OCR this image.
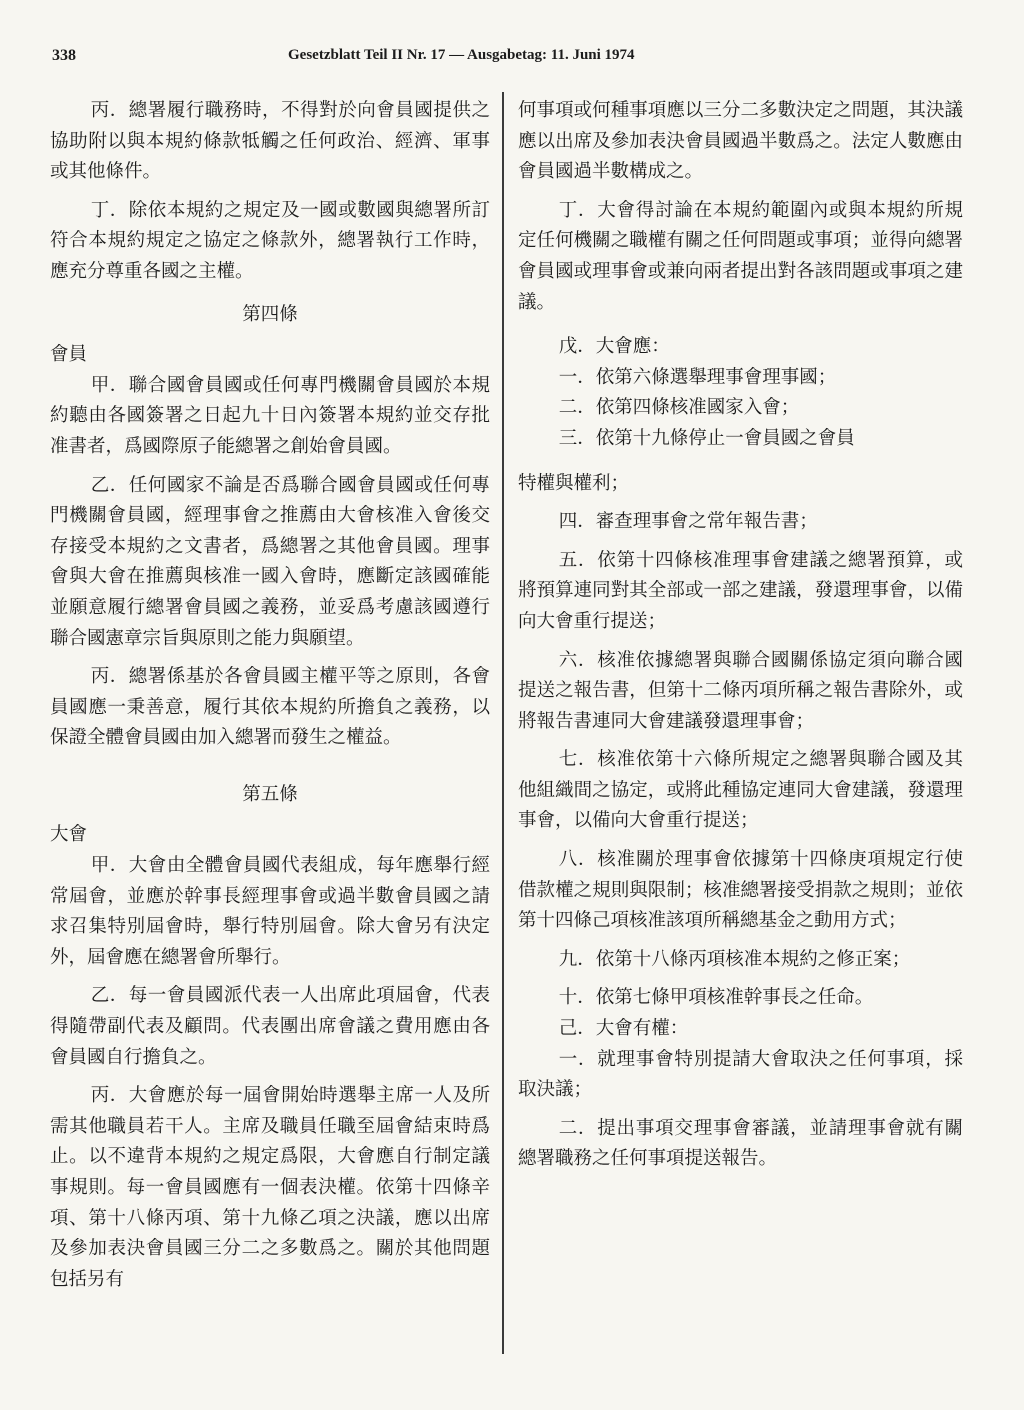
338	Gesetzblatt Teil II Nr. 17 — Ausgabetag: 11. Juni 1974

丙．總署履行職務時，不得對於向會員國提供之協助附以與本規約條款牴觸之任何政治、經濟、軍事或其他條件。

丁．除依本規約之規定及一國或數國與總署所訂符合本規約規定之協定之條款外，總署執行工作時，應充分尊重各國之主權。

第四條
會員

甲．聯合國會員國或任何專門機關會員國於本規約聽由各國簽署之日起九十日內簽署本規約並交存批准書者，爲國際原子能總署之創始會員國。

乙．任何國家不論是否爲聯合國會員國或任何專門機關會員國，經理事會之推薦由大會核准入會後交存接受本規約之文書者，爲總署之其他會員國。理事會與大會在推薦與核准一國入會時，應斷定該國確能並願意履行總署會員國之義務，並妥爲考慮該國遵行聯合國憲章宗旨與原則之能力與願望。

丙．總署係基於各會員國主權平等之原則，各會員國應一秉善意，履行其依本規約所擔負之義務，以保證全體會員國由加入總署而發生之權益。

第五條
大會

甲．大會由全體會員國代表組成，每年應舉行經常屆會，並應於幹事長經理事會或過半數會員國之請求召集特別屆會時，舉行特別屆會。除大會另有決定外，屆會應在總署會所舉行。

乙．每一會員國派代表一人出席此項屆會，代表得隨帶副代表及顧問。代表團出席會議之費用應由各會員國自行擔負之。

丙．大會應於每一屆會開始時選舉主席一人及所需其他職員若干人。主席及職員任職至屆會結束時爲止。以不違背本規約之規定爲限，大會應自行制定議事規則。每一會員國應有一個表決權。依第十四條辛項、第十八條丙項、第十九條乙項之決議，應以出席及參加表決會員國三分二之多數爲之。關於其他問題包括另有

何事項或何種事項應以三分二多數決定之問題，其決議應以出席及參加表決會員國過半數爲之。法定人數應由會員國過半數構成之。

丁．大會得討論在本規約範圍內或與本規約所規定任何機關之職權有關之任何問題或事項；並得向總署會員國或理事會或兼向兩者提出對各該問題或事項之建議。

戊．大會應：

一．依第六條選舉理事會理事國；

二．依第四條核准國家入會；

三．依第十九條停止一會員國之會員

特權與權利；

四．審查理事會之常年報告書；

五．依第十四條核准理事會建議之總署預算，或將預算連同對其全部或一部之建議，發還理事會，以備向大會重行提送；

六．核准依據總署與聯合國關係協定須向聯合國提送之報告書，但第十二條丙項所稱之報告書除外，或將報告書連同大會建議發還理事會；

七．核准依第十六條所規定之總署與聯合國及其他組織間之協定，或將此種協定連同大會建議，發還理事會，以備向大會重行提送；

八．核准關於理事會依據第十四條庚項規定行使借款權之規則與限制；核准總署接受捐款之規則；並依第十四條己項核准該項所稱總基金之動用方式；

九．依第十八條丙項核准本規約之修正案；

十．依第七條甲項核准幹事長之任命。

己．大會有權：

一．就理事會特別提請大會取決之任何事項，採取決議；

二．提出事項交理事會審議，並請理事會就有關總署職務之任何事項提送報告。
